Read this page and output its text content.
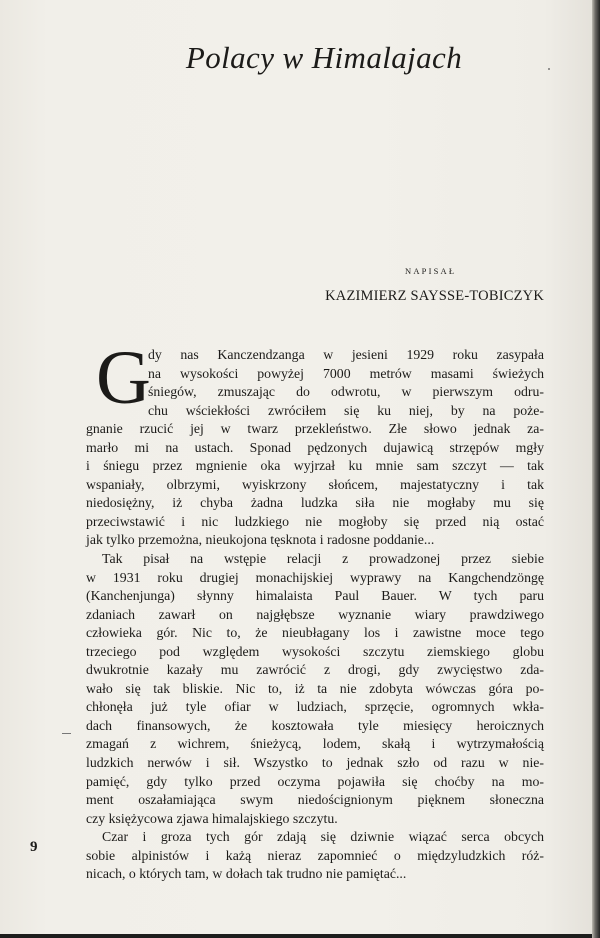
Polacy w Himalajach
NAPISAŁ
KAZIMIERZ SAYSSE-TOBICZYK
G
dy nas Kanczendzanga w jesieni 1929 roku zasypała
na wysokości powyżej 7000 metrów masami świeżych
śniegów, zmuszając do odwrotu, w pierwszym odru-
chu wściekłości zwróciłem się ku niej, by na poże-
gnanie rzucić jej w twarz przekleństwo. Złe słowo jednak za-
marło mi na ustach. Sponad pędzonych dujawicą strzępów mgły
i śniegu przez mgnienie oka wyjrzał ku mnie sam szczyt — tak
wspaniały, olbrzymi, wyiskrzony słońcem, majestatyczny i tak
niedosiężny, iż chyba żadna ludzka siła nie mogłaby mu się
przeciwstawić i nic ludzkiego nie mogłoby się przed nią ostać
jak tylko przemożna, nieukojona tęsknota i radosne poddanie...
Tak pisał na wstępie relacji z prowadzonej przez siebie
w 1931 roku drugiej monachijskiej wyprawy na Kangchendzöngę
(Kanchenjunga) słynny himalaista Paul Bauer. W tych paru
zdaniach zawarł on najgłębsze wyznanie wiary prawdziwego
człowieka gór. Nic to, że nieubłagany los i zawistne moce tego
trzeciego pod względem wysokości szczytu ziemskiego globu
dwukrotnie kazały mu zawrócić z drogi, gdy zwycięstwo zda-
wało się tak bliskie. Nic to, iż ta nie zdobyta wówczas góra po-
chłonęła już tyle ofiar w ludziach, sprzęcie, ogromnych wkła-
dach finansowych, że kosztowała tyle miesięcy heroicznych
zmagań z wichrem, śnieżycą, lodem, skałą i wytrzymałością
ludzkich nerwów i sił. Wszystko to jednak szło od razu w nie-
pamięć, gdy tylko przed oczyma pojawiła się choćby na mo-
ment oszałamiająca swym niedoścignionym pięknem słoneczna
czy księżycowa zjawa himalajskiego szczytu.
Czar i groza tych gór zdają się dziwnie wiązać serca obcych
sobie alpinistów i każą nieraz zapomnieć o międzyludzkich róż-
nicach, o których tam, w dołach tak trudno nie pamiętać...
9
